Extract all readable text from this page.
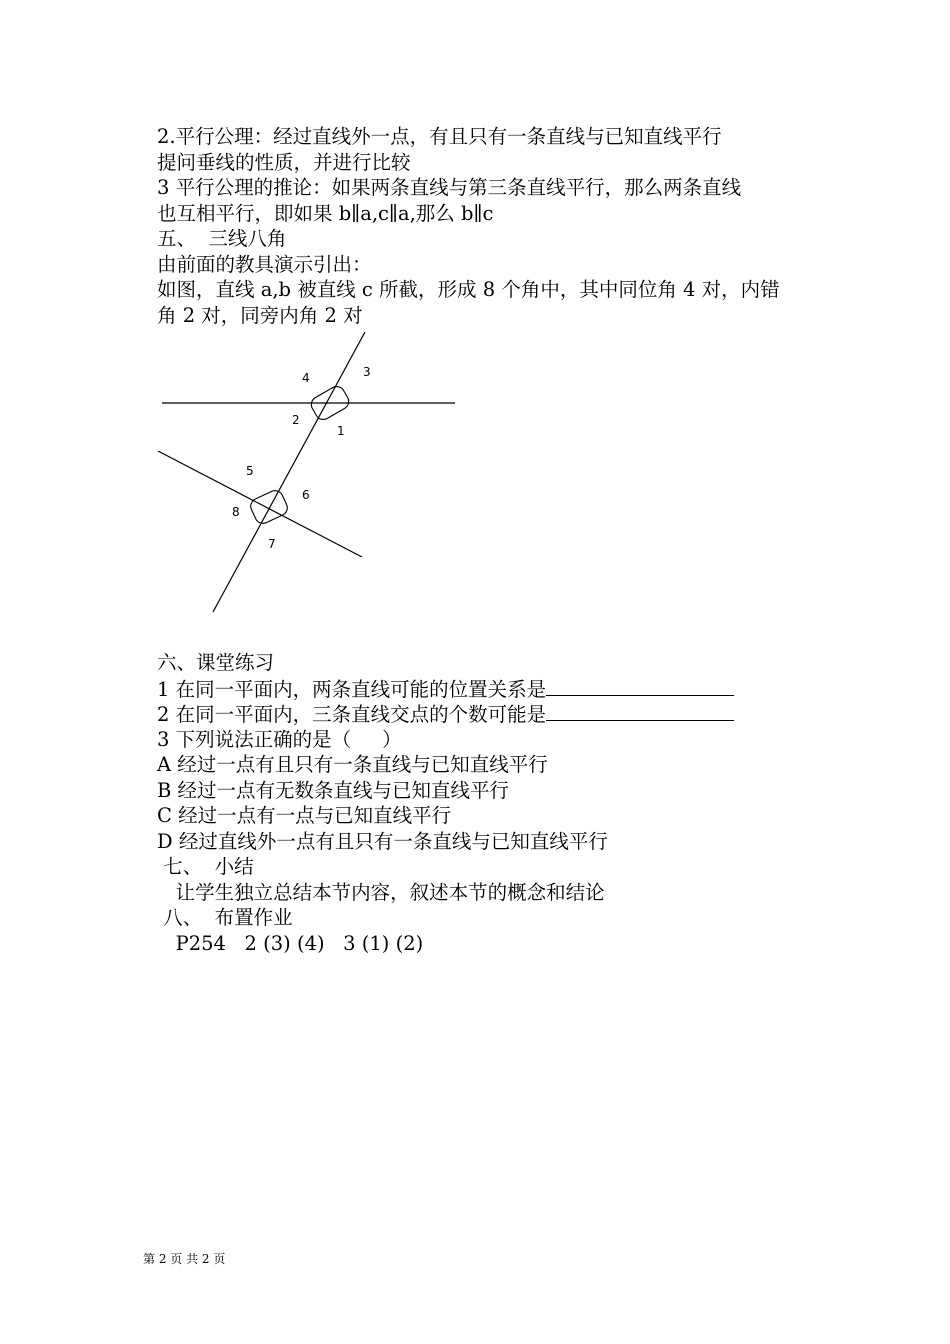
2.平行公理：经过直线外一点，有且只有一条直线与已知直线平行
提问垂线的性质，并进行比较
3 平行公理的推论：如果两条直线与第三条直线平行，那么两条直线
也互相平行，即如果 b∥a,c∥a,那么 b∥c
五、  三线八角
由前面的教具演示引出：
如图，直线 a,b 被直线 c 所截，形成 8 个角中，其中同位角 4 对，内错
角 2 对，同旁内角 2 对
1
2
3
4
5
6
7
8
六、课堂练习
1 在同一平面内，两条直线可能的位置关系是
2 在同一平面内，三条直线交点的个数可能是
3 下列说法正确的是（     ）
A 经过一点有且只有一条直线与已知直线平行
B 经过一点有无数条直线与已知直线平行
C 经过一点有一点与已知直线平行
D 经过直线外一点有且只有一条直线与已知直线平行
七、  小结
让学生独立总结本节内容，叙述本节的概念和结论
八、  布置作业
P254   2 (3) (4)   3 (1) (2)
第 2 页 共 2 页
